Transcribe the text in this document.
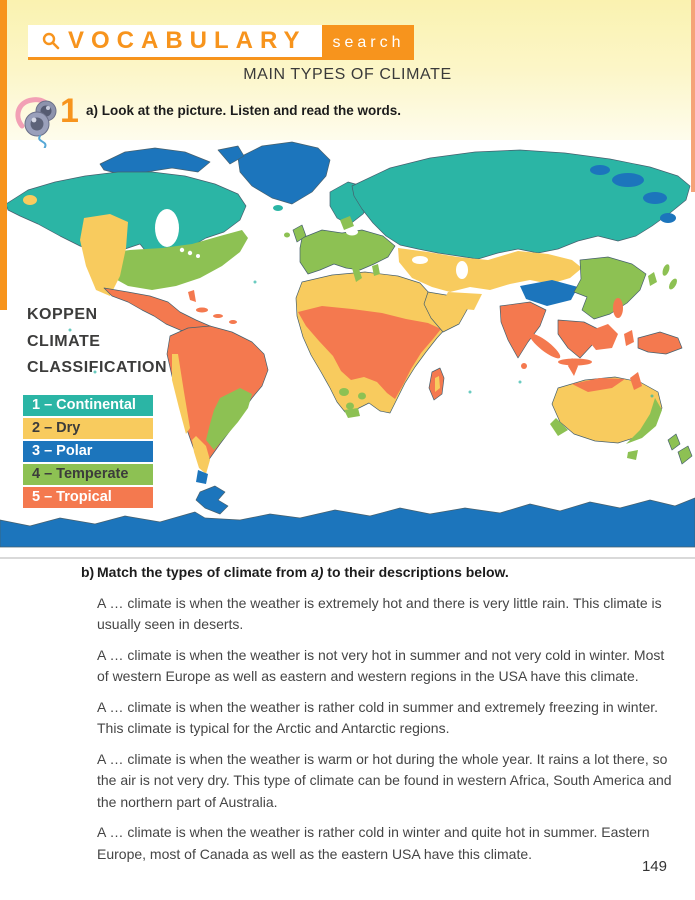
VOCABULARY	search
MAIN TYPES OF CLIMATE
1 a) Look at the picture. Listen and read the words.
KOPPEN
CLIMATE
CLASSIFICATION
1 – Continental
2 – Dry
3 – Polar
4 – Temperate
5 – Tropical
b) Match the types of climate from a) to their descriptions below.

A … climate is when the weather is extremely hot and there is very little rain. This climate is usually seen in deserts.

A … climate is when the weather is not very hot in summer and not very cold in winter. Most of western Europe as well as eastern and western regions in the USA have this climate.

A … climate is when the weather is rather cold in summer and extremely freezing in winter. This climate is typical for the Arctic and Antarctic regions.

A … climate is when the weather is warm or hot during the whole year. It rains a lot there, so the air is not very dry. This type of climate can be found in western Africa, South America and the northern part of Australia.

A … climate is when the weather is rather cold in winter and quite hot in summer. Eastern Europe, most of Canada as well as the eastern USA have this climate.

149
